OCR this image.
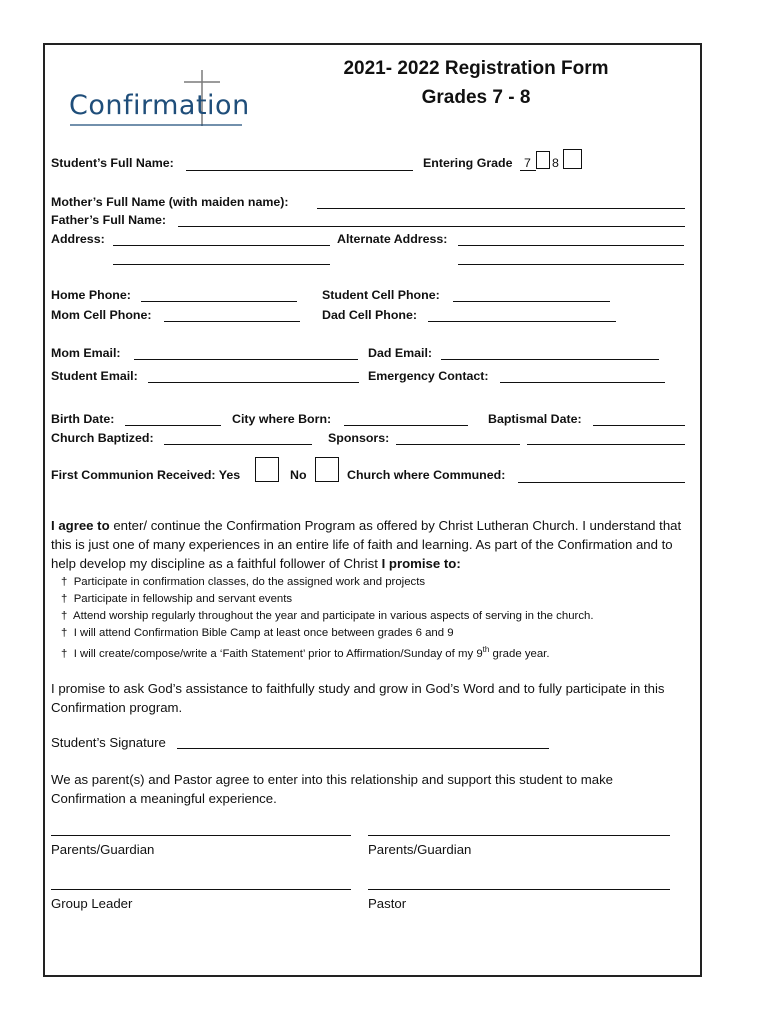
Confirmation
2021- 2022 Registration Form
Grades 7 - 8
Student’s Full Name:	Entering Grade 7 8
Mother’s Full Name (with maiden name):
Father’s Full Name:
Address:	Alternate Address:
Home Phone:	Student Cell Phone:
Mom Cell Phone:	Dad Cell Phone:
Mom Email:	Dad Email:
Student Email:	Emergency Contact:
Birth Date:	City where Born:	Baptismal Date:
Church Baptized:	Sponsors:
First Communion Received: Yes	No	Church where Communed:
I agree to enter/ continue the Confirmation Program as offered by Christ Lutheran Church. I understand that this is just one of many experiences in an entire life of faith and learning. As part of the Confirmation and to help develop my discipline as a faithful follower of Christ I promise to:
† Participate in confirmation classes, do the assigned work and projects
† Participate in fellowship and servant events
† Attend worship regularly throughout the year and participate in various aspects of serving in the church.
† I will attend Confirmation Bible Camp at least once between grades 6 and 9
† I will create/compose/write a ‘Faith Statement’ prior to Affirmation/Sunday of my 9th grade year.
I promise to ask God’s assistance to faithfully study and grow in God’s Word and to fully participate in this Confirmation program.
Student’s Signature
We as parent(s) and Pastor agree to enter into this relationship and support this student to make Confirmation a meaningful experience.
Parents/Guardian	Parents/Guardian
Group Leader	Pastor
